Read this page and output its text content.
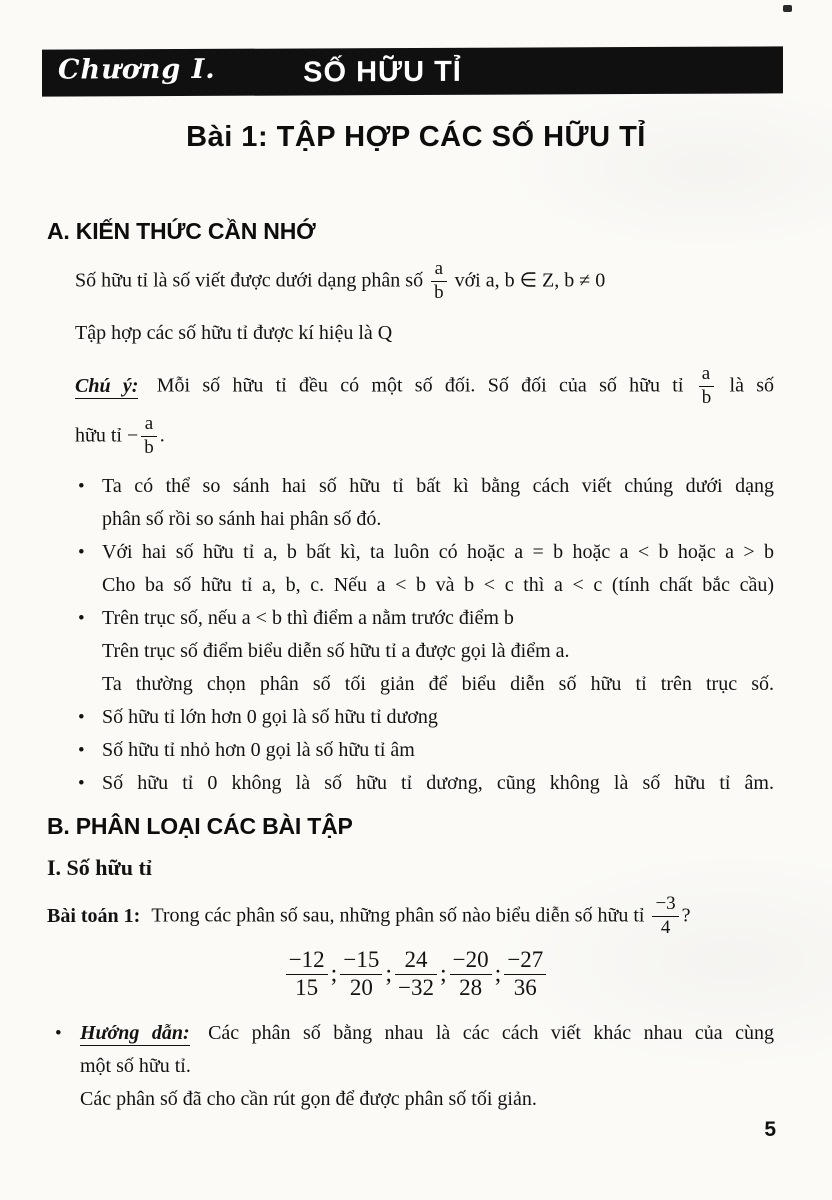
Chương I.	SỐ HỮU TỈ
Bài 1: TẬP HỢP CÁC SỐ HỮU TỈ
A. KIẾN THỨC CẦN NHỚ
Số hữu tỉ là số viết được dưới dạng phân số $\frac{a}{b}$ với a, b ∈ Z, b ≠ 0
Tập hợp các số hữu tỉ được kí hiệu là Q
Chú ý: Mỗi số hữu tỉ đều có một số đối. Số đối của số hữu tỉ $\frac{a}{b}$ là số
hữu tỉ − $\frac{a}{b}$ .
• Ta có thể so sánh hai số hữu tỉ bất kì bằng cách viết chúng dưới dạng
phân số rồi so sánh hai phân số đó.
• Với hai số hữu tỉ a, b bất kì, ta luôn có hoặc a = b hoặc a < b hoặc a > b
Cho ba số hữu tỉ a, b, c. Nếu a < b và b < c thì a < c (tính chất bắc cầu)
• Trên trục số, nếu a < b thì điểm a nằm trước điểm b
Trên trục số điểm biểu diễn số hữu tỉ a được gọi là điểm a.
Ta thường chọn phân số tối giản để biểu diễn số hữu tỉ trên trục số.
• Số hữu tỉ lớn hơn 0 gọi là số hữu tỉ dương
• Số hữu tỉ nhỏ hơn 0 gọi là số hữu tỉ âm
• Số hữu tỉ 0 không là số hữu tỉ dương, cũng không là số hữu tỉ âm.
B. PHÂN LOẠI CÁC BÀI TẬP
I. Số hữu tỉ
Bài toán 1: Trong các phân số sau, những phân số nào biểu diễn số hữu tỉ $\frac{-3}{4}$ ?
$\frac{-12}{15}$ ; $\frac{-15}{20}$ ; $\frac{24}{-32}$ ; $\frac{-20}{28}$ ; $\frac{-27}{36}$
• Hướng dẫn: Các phân số bằng nhau là các cách viết khác nhau của cùng
một số hữu tỉ.
Các phân số đã cho cần rút gọn để được phân số tối giản.
5
